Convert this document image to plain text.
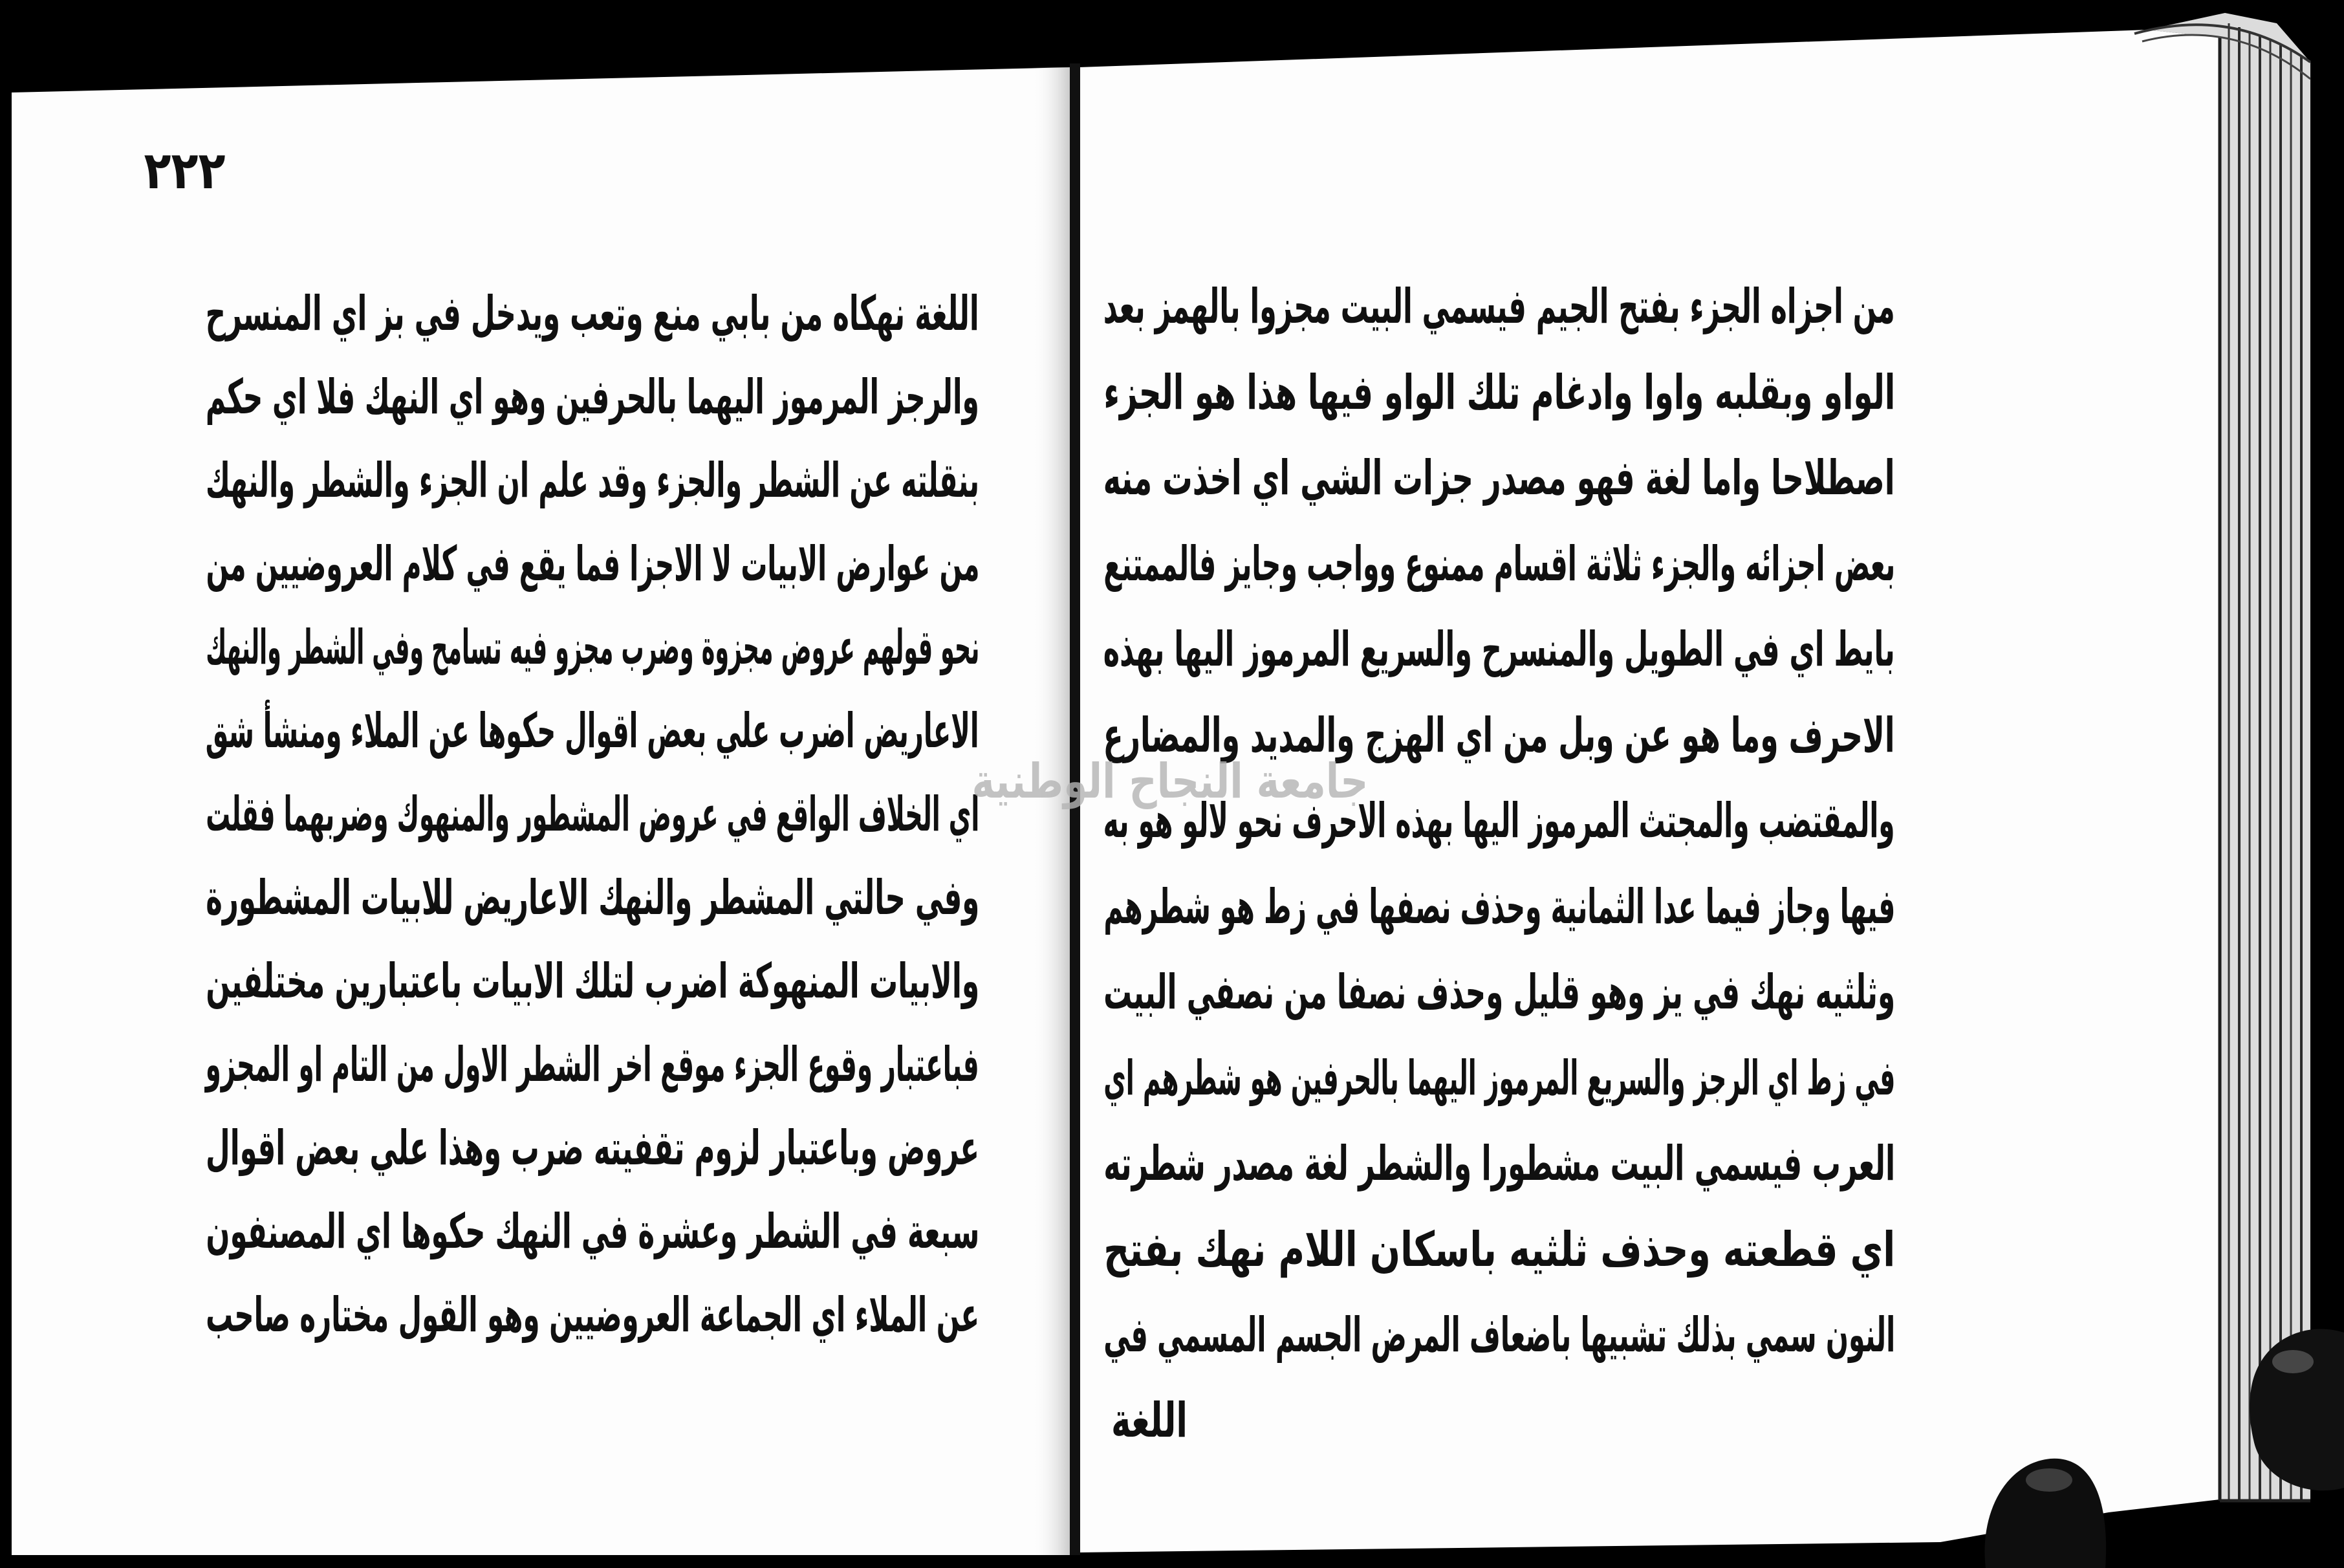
٢٢٢
اللغة نهكاه من بابي منع وتعب ويدخل في بز اي المنسرح
والرجز المرموز اليهما بالحرفين وهو اي النهك فلا اي حكم
بنقلته عن الشطر والجزء وقد علم ان الجزء والشطر والنهك
من عوارض الابيات لا الاجزا فما يقع في كلام العروضيين من
نحو قولهم عروض مجزوة وضرب مجزو فيه تسامح وفي الشطر والنهك
الاعاريض اضرب علي بعض اقوال حكوها عن الملاء ومنشأ شق
اي الخلاف الواقع في عروض المشطور والمنهوك وضربهما فقلت
وفي حالتي المشطر والنهك الاعاريض للابيات المشطورة
والابيات المنهوكة اضرب لتلك الابيات باعتبارين مختلفين
فباعتبار وقوع الجزء موقع اخر الشطر الاول من التام او المجزو
عروض وباعتبار لزوم تقفيته ضرب وهذا علي بعض اقوال
سبعة في الشطر وعشرة في النهك حكوها اي المصنفون
عن الملاء اي الجماعة العروضيين وهو القول مختاره صاحب
من اجزاه الجزء بفتح الجيم فيسمي البيت مجزوا بالهمز بعد
الواو وبقلبه واوا وادغام تلك الواو فيها هذا هو الجزء
اصطلاحا واما لغة فهو مصدر جزات الشي اي اخذت منه
بعض اجزائه والجزء ثلاثة اقسام ممنوع وواجب وجايز فالممتنع
بايط اي في الطويل والمنسرح والسريع المرموز اليها بهذه
الاحرف وما هو عن وبل من اي الهزج والمديد والمضارع
والمقتضب والمجتث المرموز اليها بهذه الاحرف نحو لالو هو به
فيها وجاز فيما عدا الثمانية وحذف نصفها في زط هو شطرهم
وثلثيه نهك في يز وهو قليل وحذف نصفا من نصفي البيت
في زط اي الرجز والسريع المرموز اليهما بالحرفين هو شطرهم اي
العرب فيسمي البيت مشطورا والشطر لغة مصدر شطرته
اي قطعته وحذف ثلثيه باسكان اللام نهك بفتح
النون سمي بذلك تشبيها باضعاف المرض الجسم المسمي في
اللغة
جامعة النجاح الوطنية
